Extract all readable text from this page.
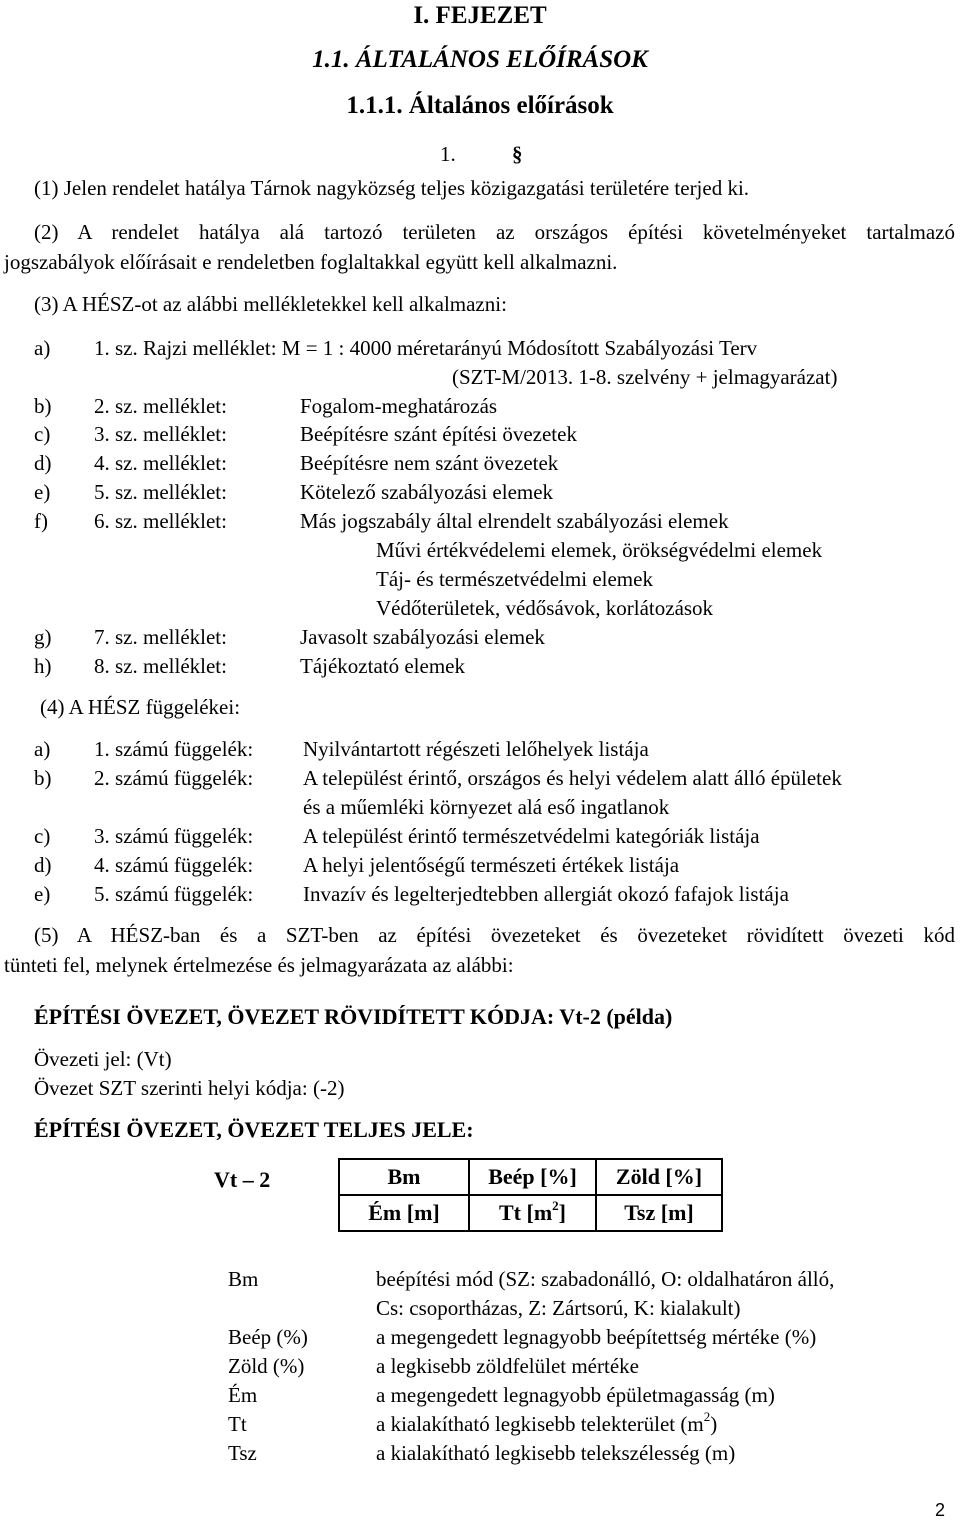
I. FEJEZET
1.1. ÁLTALÁNOS ELŐÍRÁSOK
1.1.1. Általános előírások
1.	§
(1) Jelen rendelet hatálya Tárnok nagyközség teljes közigazgatási területére terjed ki.
(2) A rendelet hatálya alá tartozó területen az országos építési követelményeket tartalmazó
jogszabályok előírásait e rendeletben foglaltakkal együtt kell alkalmazni.
(3) A HÉSZ-ot az alábbi mellékletekkel kell alkalmazni:
a) 1. sz. Rajzi melléklet: M = 1 : 4000 méretarányú Módosított Szabályozási Terv
(SZT-M/2013. 1-8. szelvény + jelmagyarázat)
b) 2. sz. melléklet:	Fogalom-meghatározás
c) 3. sz. melléklet:	Beépítésre szánt építési övezetek
d) 4. sz. melléklet:	Beépítésre nem szánt övezetek
e) 5. sz. melléklet:	Kötelező szabályozási elemek
f) 6. sz. melléklet:	Más jogszabály által elrendelt szabályozási elemek
Művi értékvédelemi elemek, örökségvédelmi elemek
Táj- és természetvédelmi elemek
Védőterületek, védősávok, korlátozások
g) 7. sz. melléklet:	Javasolt szabályozási elemek
h) 8. sz. melléklet:	Tájékoztató elemek
(4) A HÉSZ függelékei:
a) 1. számú függelék: Nyilvántartott régészeti lelőhelyek listája
b) 2. számú függelék: A települést érintő, országos és helyi védelem alatt álló épületek
és a műemléki környezet alá eső ingatlanok
c) 3. számú függelék: A települést érintő természetvédelmi kategóriák listája
d) 4. számú függelék: A helyi jelentőségű természeti értékek listája
e) 5. számú függelék: Invazív és legelterjedtebben allergiát okozó fafajok listája
(5) A HÉSZ-ban és a SZT-ben az építési övezeteket és övezeteket rövidített övezeti kód
tünteti fel, melynek értelmezése és jelmagyarázata az alábbi:
ÉPÍTÉSI ÖVEZET, ÖVEZET RÖVIDÍTETT KÓDJA: Vt-2 (példa)
Övezeti jel: (Vt)
Övezet SZT szerinti helyi kódja: (-2)
ÉPÍTÉSI ÖVEZET, ÖVEZET TELJES JELE:
Vt – 2	Bm	Beép [%]	Zöld [%]
Ém [m]	Tt $[m^2]$	Tsz [m]
Bm	beépítési mód (SZ: szabadonálló, O: oldalhatáron álló,
Cs: csoportházas, Z: Zártsorú, K: kialakult)
Beép (%)	a megengedett legnagyobb beépítettség mértéke (%)
Zöld (%)	a legkisebb zöldfelület mértéke
Ém	a megengedett legnagyobb épületmagasság (m)
Tt	a kialakítható legkisebb telekterület $(m^2)$
Tsz	a kialakítható legkisebb telekszélesség (m)
2
